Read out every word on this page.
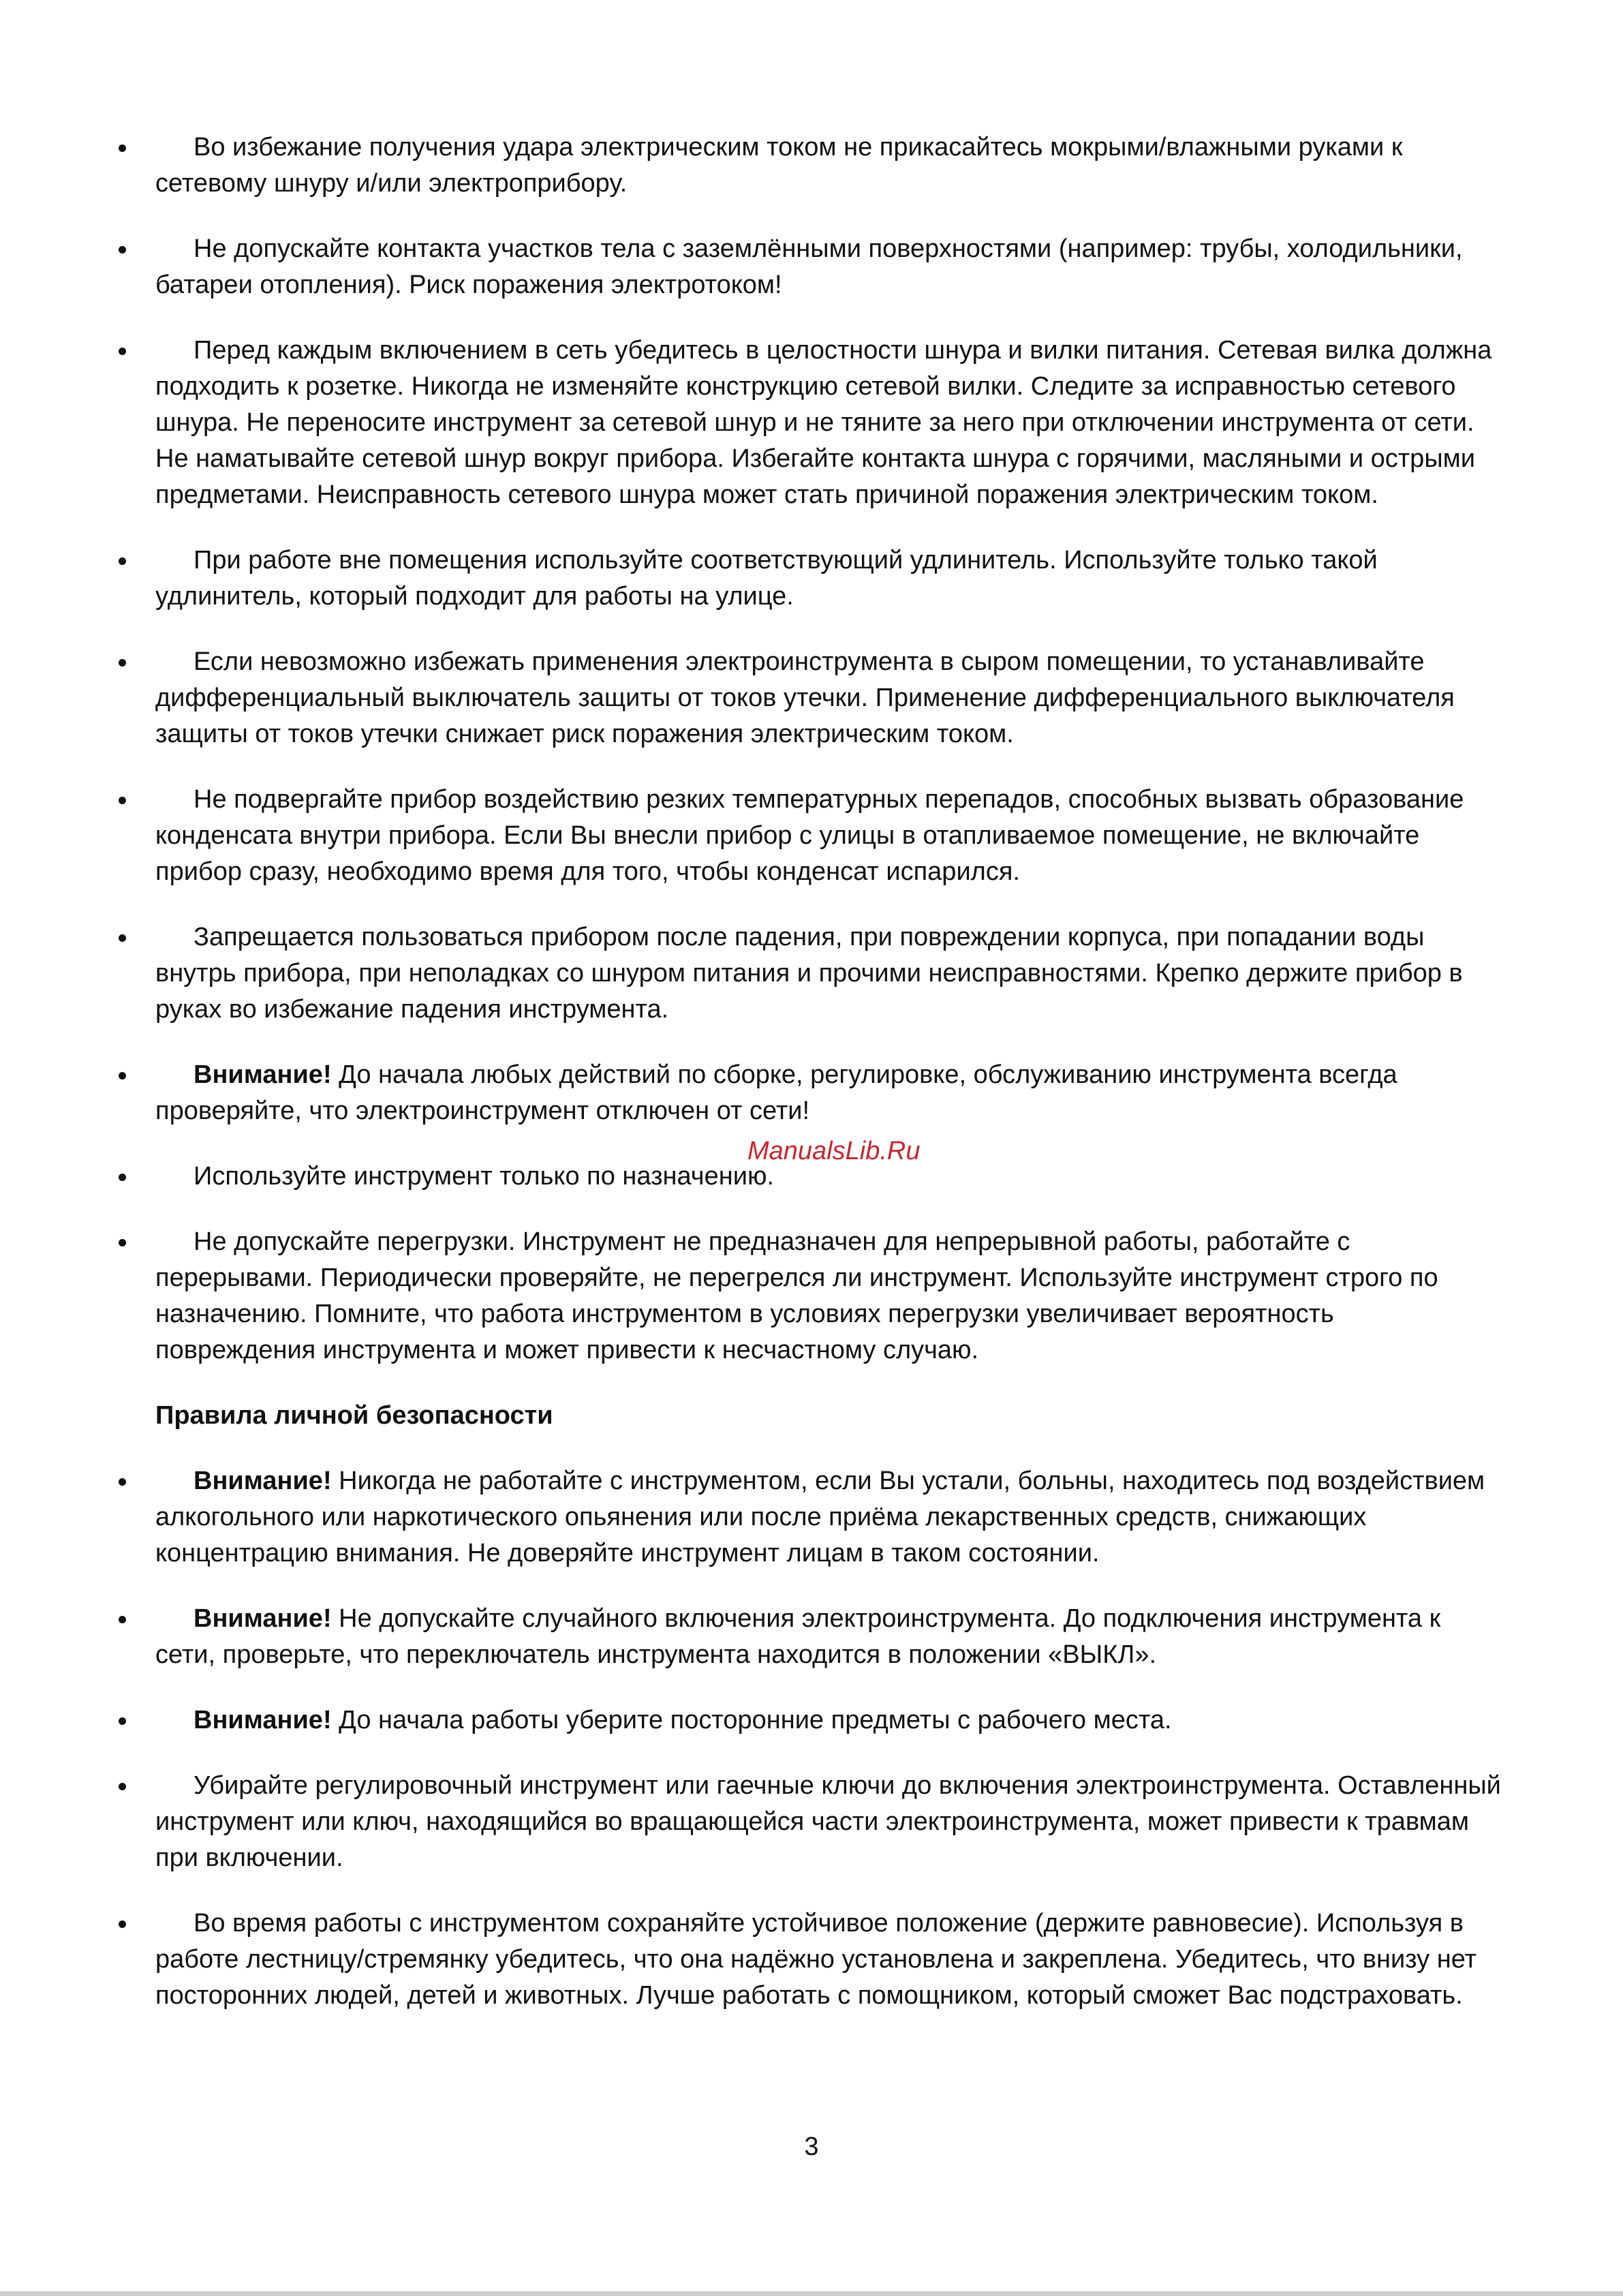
Во избежание получения удара электрическим током не прикасайтесь мокрыми/влажными руками к сетевому шнуру и/или электроприбору.
Не допускайте контакта участков тела с заземлёнными поверхностями (например: трубы, холодильники, батареи отопления). Риск поражения электротоком!
Перед каждым включением в сеть убедитесь в целостности шнура и вилки питания. Сетевая вилка должна подходить к розетке. Никогда не изменяйте конструкцию сетевой вилки. Следите за исправностью сетевого шнура. Не переносите инструмент за сетевой шнур и не тяните за него при отключении инструмента от сети. Не наматывайте сетевой шнур вокруг прибора. Избегайте контакта шнура с горячими, масляными и острыми предметами. Неисправность сетевого шнура может стать причиной поражения электрическим током.
При работе вне помещения используйте соответствующий удлинитель. Используйте только такой удлинитель, который подходит для работы на улице.
Если невозможно избежать применения электроинструмента в сыром помещении, то устанавливайте дифференциальный выключатель защиты от токов утечки. Применение дифференциального выключателя защиты от токов утечки снижает риск поражения электрическим током.
Не подвергайте прибор воздействию резких температурных перепадов, способных вызвать образование конденсата внутри прибора. Если Вы внесли прибор с улицы в отапливаемое помещение, не включайте прибор сразу, необходимо время для того, чтобы конденсат испарился.
Запрещается пользоваться прибором после падения, при повреждении корпуса, при попадании воды внутрь прибора, при неполадках со шнуром питания и прочими неисправностями. Крепко держите прибор в руках во избежание падения инструмента.
Внимание! До начала любых действий по сборке, регулировке, обслуживанию инструмента всегда проверяйте, что электроинструмент отключен от сети!
Используйте инструмент только по назначению.
Не допускайте перегрузки. Инструмент не предназначен для непрерывной работы, работайте с перерывами. Периодически проверяйте, не перегрелся ли инструмент. Используйте инструмент строго по назначению. Помните, что работа инструментом в условиях перегрузки увеличивает вероятность повреждения инструмента и может привести к несчастному случаю.
Правила личной безопасности
Внимание! Никогда не работайте с инструментом, если Вы устали, больны, находитесь под воздействием алкогольного или наркотического опьянения или после приёма лекарственных средств, снижающих концентрацию внимания. Не доверяйте инструмент лицам в таком состоянии.
Внимание! Не допускайте случайного включения электроинструмента. До подключения инструмента к сети, проверьте, что переключатель инструмента находится в положении «ВЫКЛ».
Внимание! До начала работы уберите посторонние предметы с рабочего места.
Убирайте регулировочный инструмент или гаечные ключи до включения электроинструмента. Оставленный инструмент или ключ, находящийся во вращающейся части электроинструмента, может привести к травмам при включении.
Во время работы с инструментом сохраняйте устойчивое положение (держите равновесие). Используя в работе лестницу/стремянку убедитесь, что она надёжно установлена и закреплена. Убедитесь, что внизу нет посторонних людей, детей и животных. Лучше работать с помощником, который сможет Вас подстраховать.
ManualsLib.Ru
3
